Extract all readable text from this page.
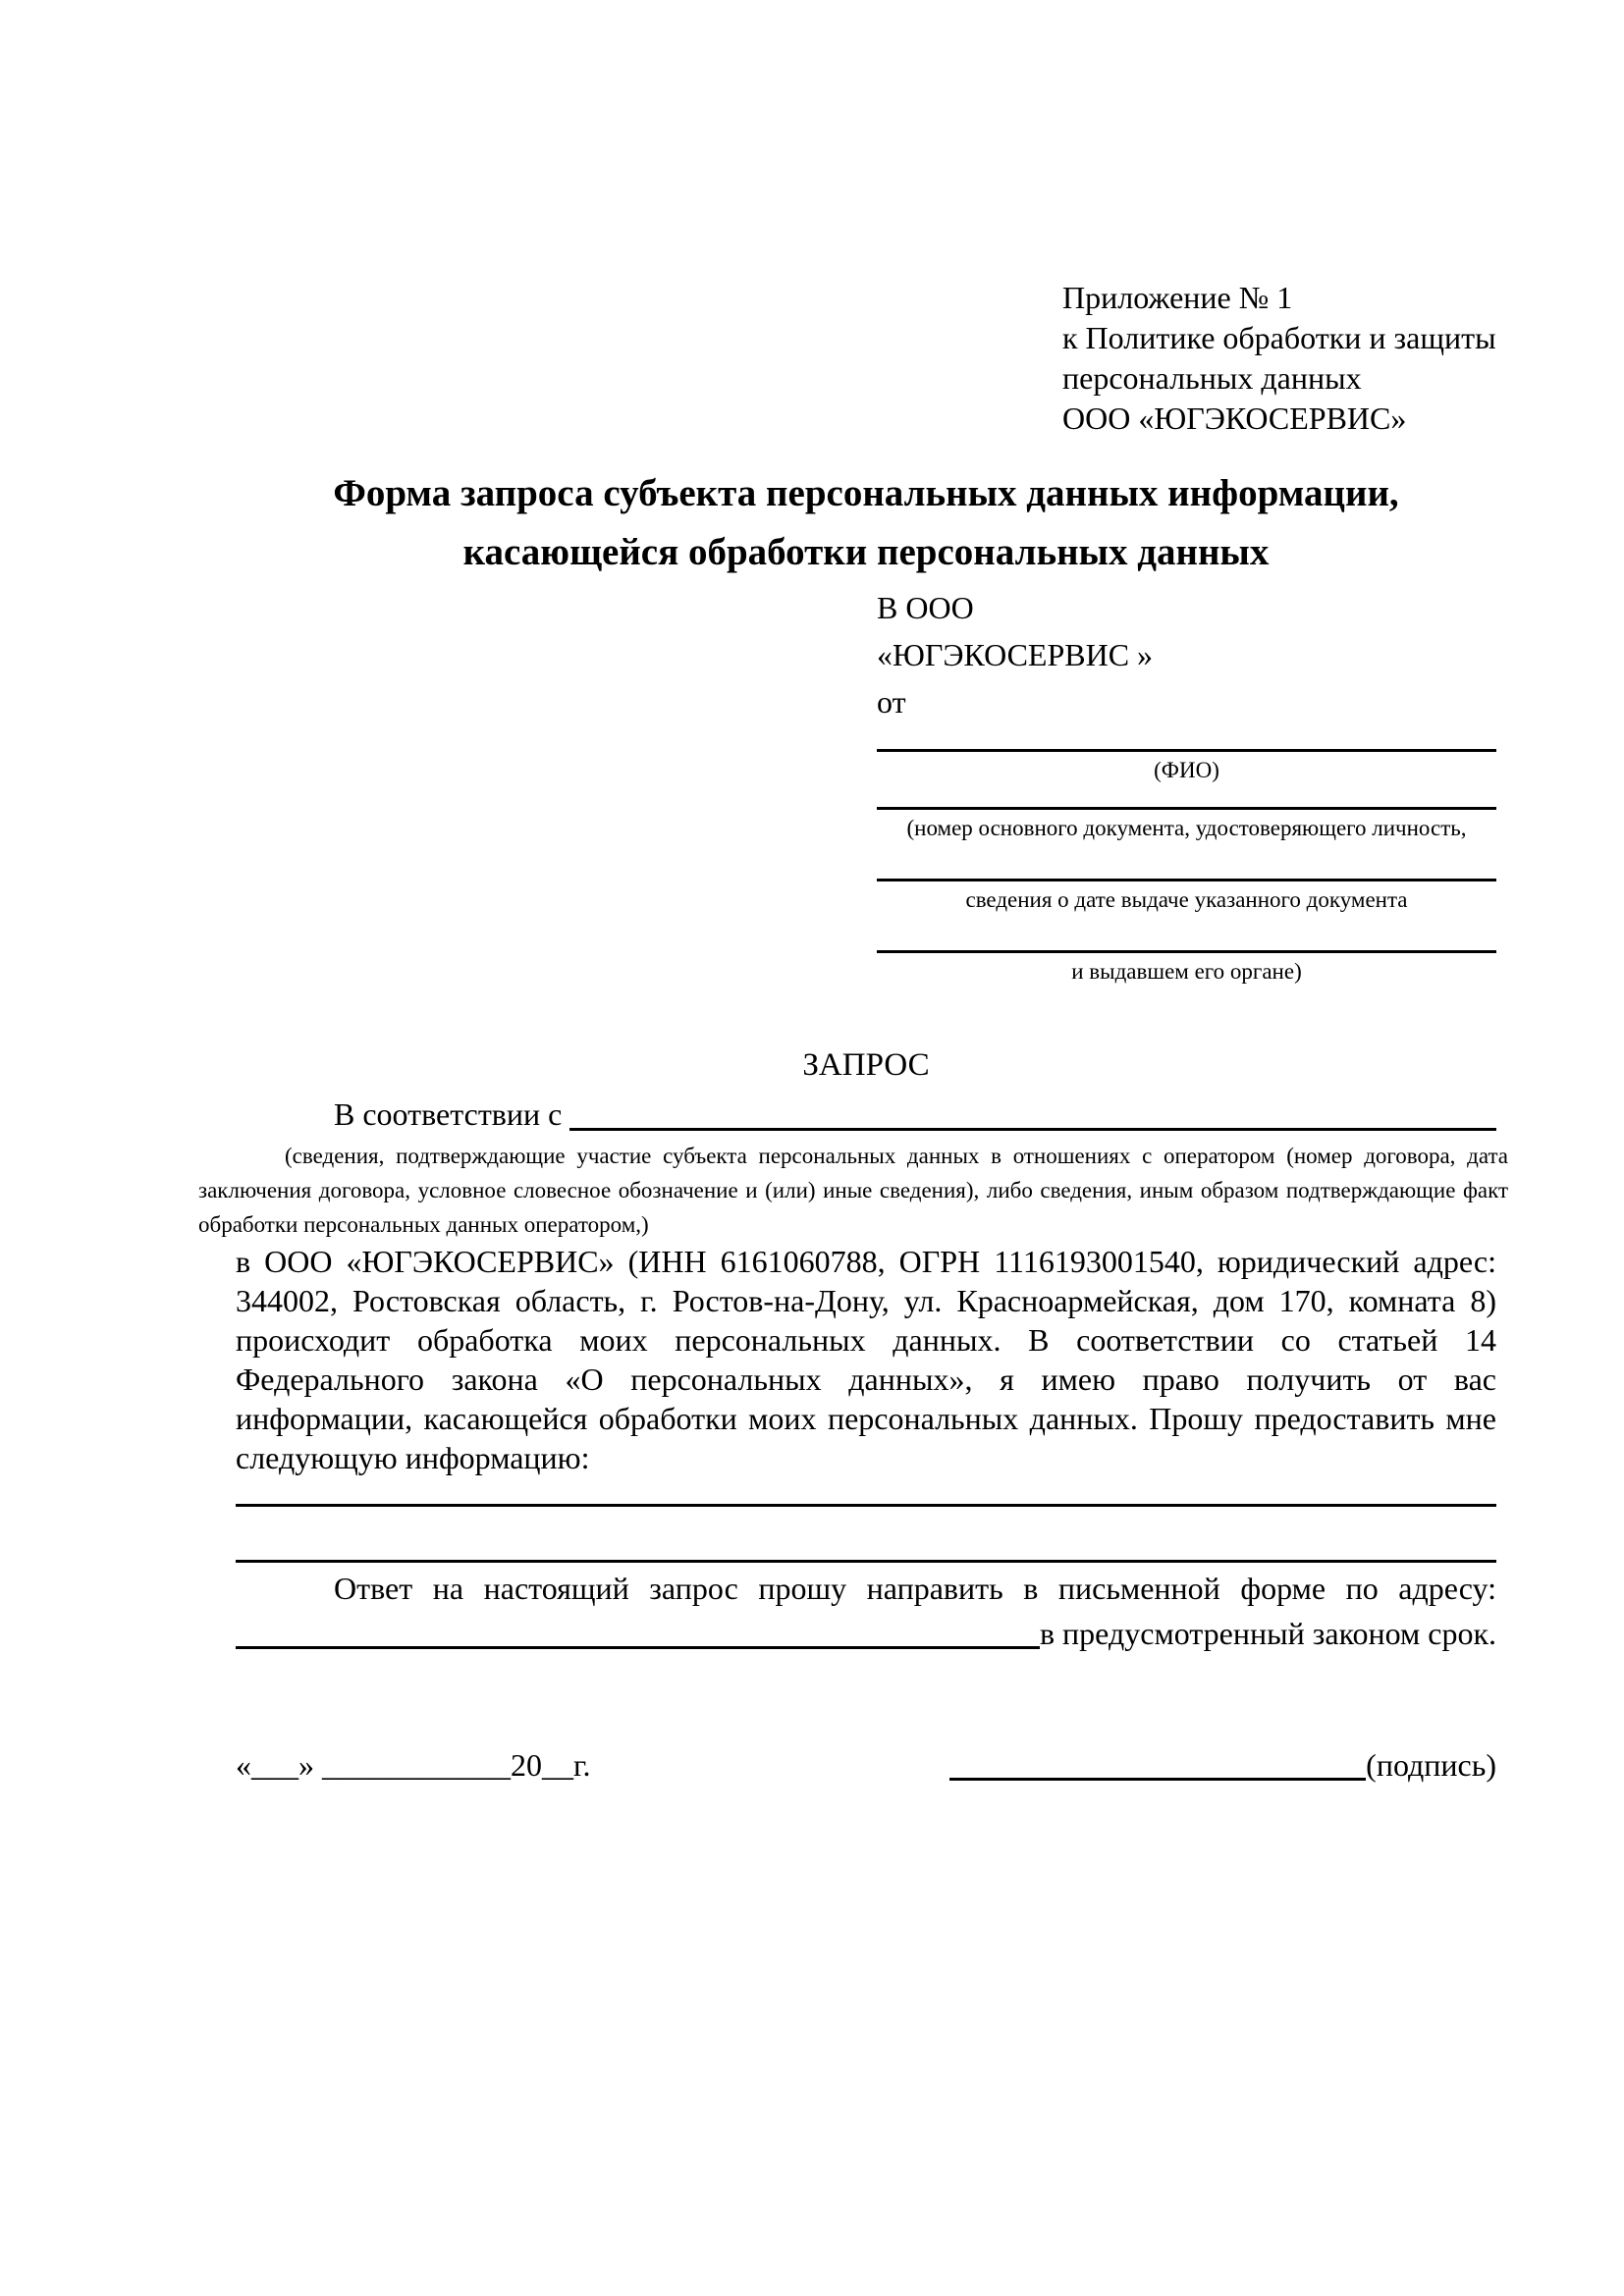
Приложение № 1
к Политике обработки и защиты
персональных данных
ООО «ЮГЭКОСЕРВИС»
Форма запроса субъекта персональных данных информации,
касающейся обработки персональных данных
В ООО
«ЮГЭКОСЕРВИС »
от
(ФИО)
(номер основного документа, удостоверяющего личность,
сведения о дате выдаче указанного документа
и выдавшем его органе)
ЗАПРОС
В соответствии с
(сведения, подтверждающие участие субъекта персональных данных в отношениях с оператором (номер договора, дата
заключения договора, условное словесное обозначение и (или) иные сведения), либо сведения, иным образом подтверждающие факт
обработки персональных данных оператором,)
в ООО «ЮГЭКОСЕРВИС» (ИНН 6161060788, ОГРН 1116193001540, юридический адрес:
344002, Ростовская область, г. Ростов-на-Дону, ул. Красноармейская, дом 170, комната 8)
происходит обработка моих персональных данных. В соответствии со статьей 14
Федерального закона «О персональных данных», я имею право получить от вас
информации, касающейся обработки моих персональных данных. Прошу предоставить мне
следующую информацию:
Ответ на настоящий запрос прошу направить в письменной форме по адресу:
в предусмотренный законом срок.
«___» ____________20__г.	(подпись)
